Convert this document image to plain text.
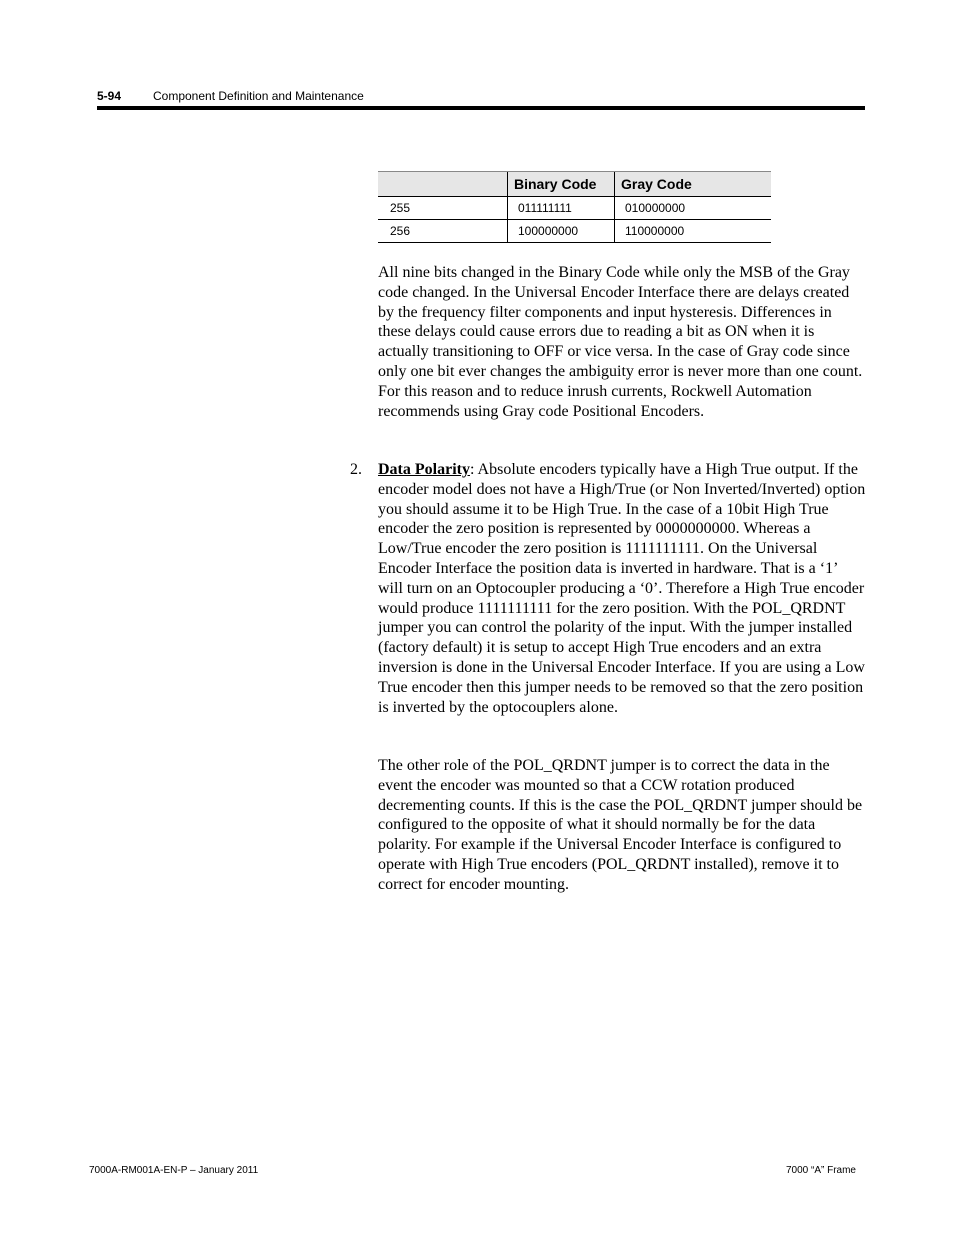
5-94	Component Definition and Maintenance
	Binary Code	Gray Code
255	011111111	010000000
256	100000000	110000000

All nine bits changed in the Binary Code while only the MSB of the Gray code changed. In the Universal Encoder Interface there are delays created by the frequency filter components and input hysteresis. Differences in these delays could cause errors due to reading a bit as ON when it is actually transitioning to OFF or vice versa. In the case of Gray code since only one bit ever changes the ambiguity error is never more than one count. For this reason and to reduce inrush currents, Rockwell Automation recommends using Gray code Positional Encoders.

2. Data Polarity: Absolute encoders typically have a High True output. If the encoder model does not have a High/True (or Non Inverted/Inverted) option you should assume it to be High True. In the case of a 10bit High True encoder the zero position is represented by 0000000000. Whereas a Low/True encoder the zero position is 1111111111. On the Universal Encoder Interface the position data is inverted in hardware. That is a ‘1’ will turn on an Optocoupler producing a ‘0’. Therefore a High True encoder would produce 1111111111 for the zero position. With the POL_QRDNT jumper you can control the polarity of the input. With the jumper installed (factory default) it is setup to accept High True encoders and an extra inversion is done in the Universal Encoder Interface. If you are using a Low True encoder then this jumper needs to be removed so that the zero position is inverted by the optocouplers alone.

The other role of the POL_QRDNT jumper is to correct the data in the event the encoder was mounted so that a CCW rotation produced decrementing counts. If this is the case the POL_QRDNT jumper should be configured to the opposite of what it should normally be for the data polarity. For example if the Universal Encoder Interface is configured to operate with High True encoders (POL_QRDNT installed), remove it to correct for encoder mounting.

7000A-RM001A-EN-P – January 2011	7000 “A” Frame
